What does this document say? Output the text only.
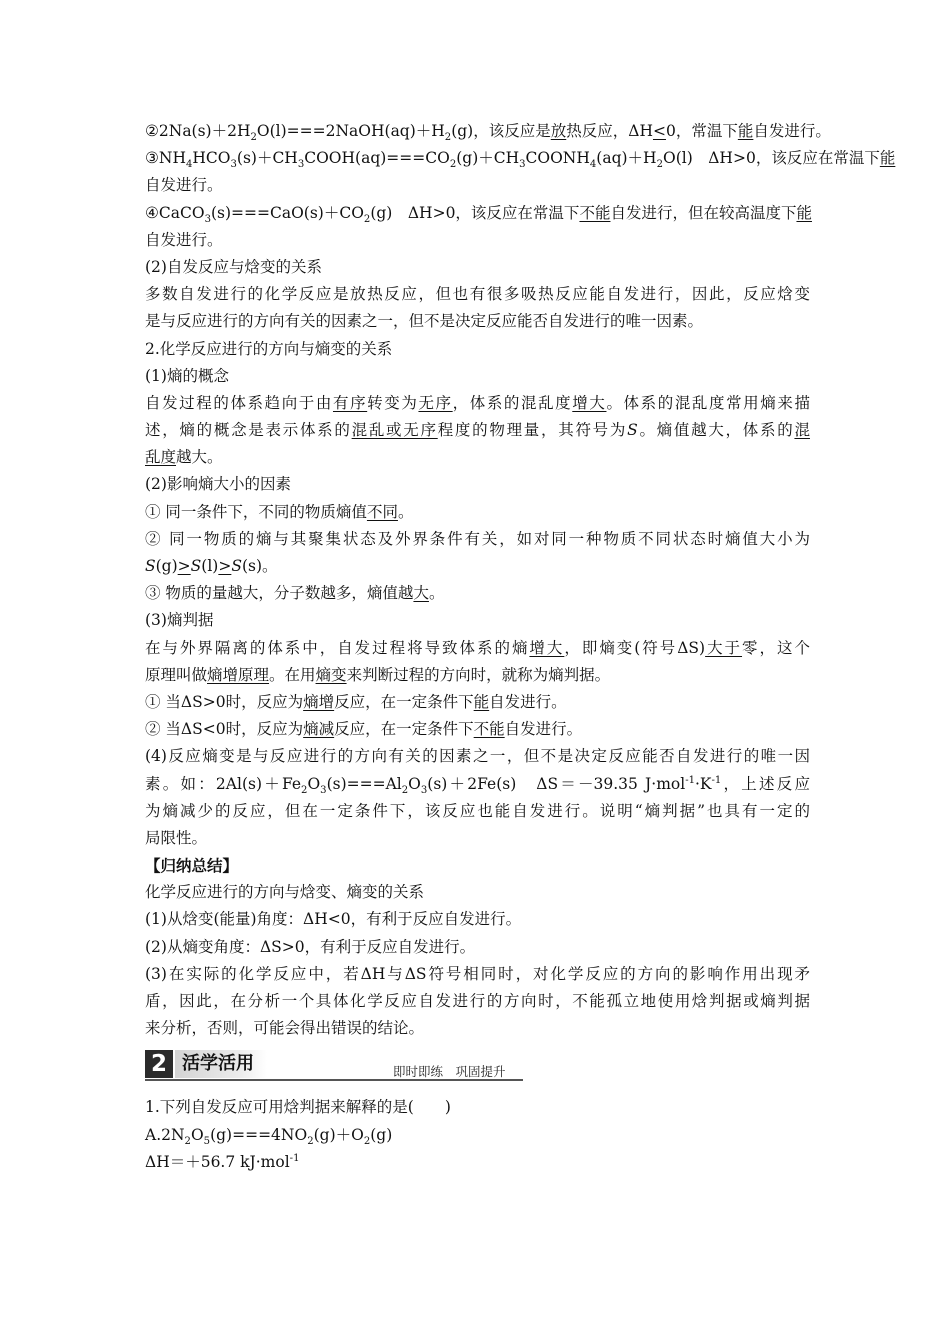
$②2Na(s)+2H_2O(l)===2NaOH(aq)+H_2(g)$，该反应是放热反应，ΔH<0，常温下能自发进行。
$③NH_4HCO_3(s)+CH_3COOH(aq)===CO_2(g)+CH_3COONH_4(aq)+H_2O(l)$　ΔH>0，该反应在常温下能
自发进行。
$④CaCO_3(s)===CaO(s)+CO_2(g)$　ΔH>0，该反应在常温下不能自发进行，但在较高温度下能
自发进行。
(2)自发反应与焓变的关系
多数自发进行的化学反应是放热反应，但也有很多吸热反应能自发进行，因此，反应焓变
是与反应进行的方向有关的因素之一，但不是决定反应能否自发进行的唯一因素。
2.化学反应进行的方向与熵变的关系
(1)熵的概念
自发过程的体系趋向于由有序转变为无序，体系的混乱度增大。体系的混乱度常用熵来描
述，熵的概念是表示体系的混乱或无序程度的物理量，其符号为S。熵值越大，体系的混
乱度越大。
(2)影响熵大小的因素
① 同一条件下，不同的物质熵值不同。
② 同一物质的熵与其聚集状态及外界条件有关，如对同一种物质不同状态时熵值大小为
S(g)>S(l)>S(s)。
③ 物质的量越大，分子数越多，熵值越大。
(3)熵判据
在与外界隔离的体系中，自发过程将导致体系的熵增大，即熵变(符号ΔS)大于零，这个
原理叫做熵增原理。在用熵变来判断过程的方向时，就称为熵判据。
① 当ΔS>0时，反应为熵增反应，在一定条件下能自发进行。
② 当ΔS<0时，反应为熵减反应，在一定条件下不能自发进行。
(4)反应熵变是与反应进行的方向有关的因素之一，但不是决定反应能否自发进行的唯一因
素。如：$2Al(s)+Fe_2O_3(s)===Al_2O_3(s)+2Fe(s)$　ΔS＝－39.35 $J\cdot mol^{-1}\cdot K^{-1}$，上述反应
为熵减少的反应，但在一定条件下，该反应也能自发进行。说明“熵判据”也具有一定的
局限性。
【归纳总结】
化学反应进行的方向与焓变、熵变的关系
(1)从焓变(能量)角度：ΔH<0，有利于反应自发进行。
(2)从熵变角度：ΔS>0，有利于反应自发进行。
(3)在实际的化学反应中，若ΔH与ΔS符号相同时，对化学反应的方向的影响作用出现矛
盾，因此，在分析一个具体化学反应自发进行的方向时，不能孤立地使用焓判据或熵判据
来分析，否则，可能会得出错误的结论。
2 活学活用	即时即练　巩固提升
1.下列自发反应可用焓判据来解释的是(　　)
$A.2N_2O_5(g)===4NO_2(g)+O_2(g)$
ΔH＝＋56.7 kJ·mol$^{-1}$
